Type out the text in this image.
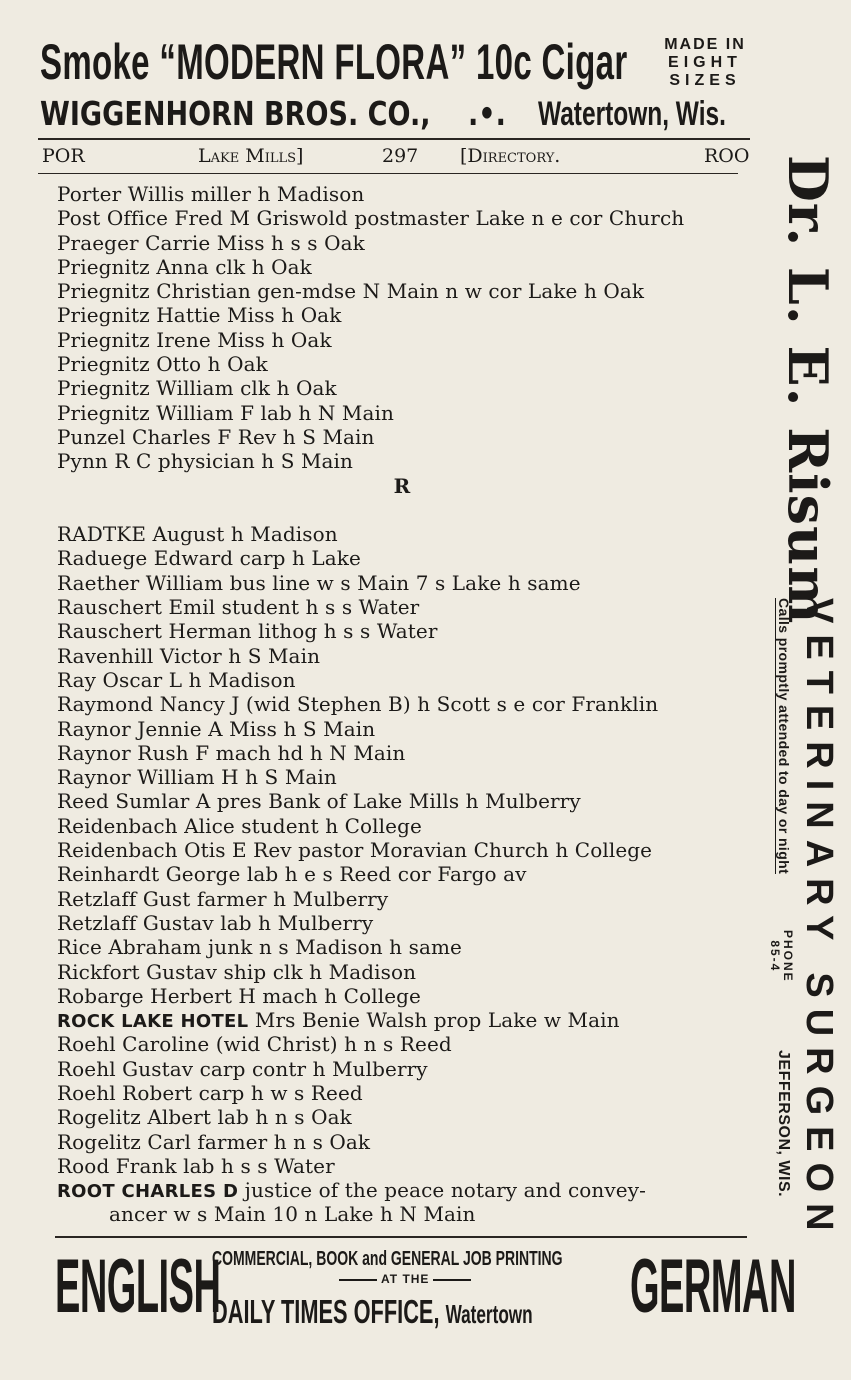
Smoke “MODERN FLORA” 10c Cigar	MADE IN
EIGHT
SIZES
WIGGENHORN BROS. CO., .•. Watertown, Wis.
POR	Lake Mills]	297 [Directory.	ROO
Porter Willis miller h Madison
Post Office Fred M Griswold postmaster Lake n e cor Church
Praeger Carrie Miss h s s Oak
Priegnitz Anna clk h Oak
Priegnitz Christian gen-mdse N Main n w cor Lake h Oak
Priegnitz Hattie Miss h Oak
Priegnitz Irene Miss h Oak
Priegnitz Otto h Oak
Priegnitz William clk h Oak
Priegnitz William F lab h N Main
Punzel Charles F Rev h S Main
Pynn R C physician h S Main
R
RADTKE August h Madison
Raduege Edward carp h Lake
Raether William bus line w s Main 7 s Lake h same
Rauschert Emil student h s s Water
Rauschert Herman lithog h s s Water
Ravenhill Victor h S Main
Ray Oscar L h Madison
Raymond Nancy J (wid Stephen B) h Scott s e cor Franklin
Raynor Jennie A Miss h S Main
Raynor Rush F mach hd h N Main
Raynor William H h S Main
Reed Sumlar A pres Bank of Lake Mills h Mulberry
Reidenbach Alice student h College
Reidenbach Otis E Rev pastor Moravian Church h College
Reinhardt George lab h e s Reed cor Fargo av
Retzlaff Gust farmer h Mulberry
Retzlaff Gustav lab h Mulberry
Rice Abraham junk n s Madison h same
Rickfort Gustav ship clk h Madison
Robarge Herbert H mach h College
ROCK LAKE HOTEL Mrs Benie Walsh prop Lake w Main
Roehl Caroline (wid Christ) h n s Reed
Roehl Gustav carp contr h Mulberry
Roehl Robert carp h w s Reed
Rogelitz Albert lab h n s Oak
Rogelitz Carl farmer h n s Oak
Rood Frank lab h s s Water
ROOT CHARLES D justice of the peace notary and convey-
ancer w s Main 10 n Lake h N Main
Dr. L. E. Risum
VETERINARY SURGEON
Calls promptly attended to day or night
PHONE
85-4
JEFFERSON, WIS.
ENGLISH
COMMERCIAL, BOOK and GENERAL JOB PRINTING
AT THE
DAILY TIMES OFFICE, Watertown GERMAN
